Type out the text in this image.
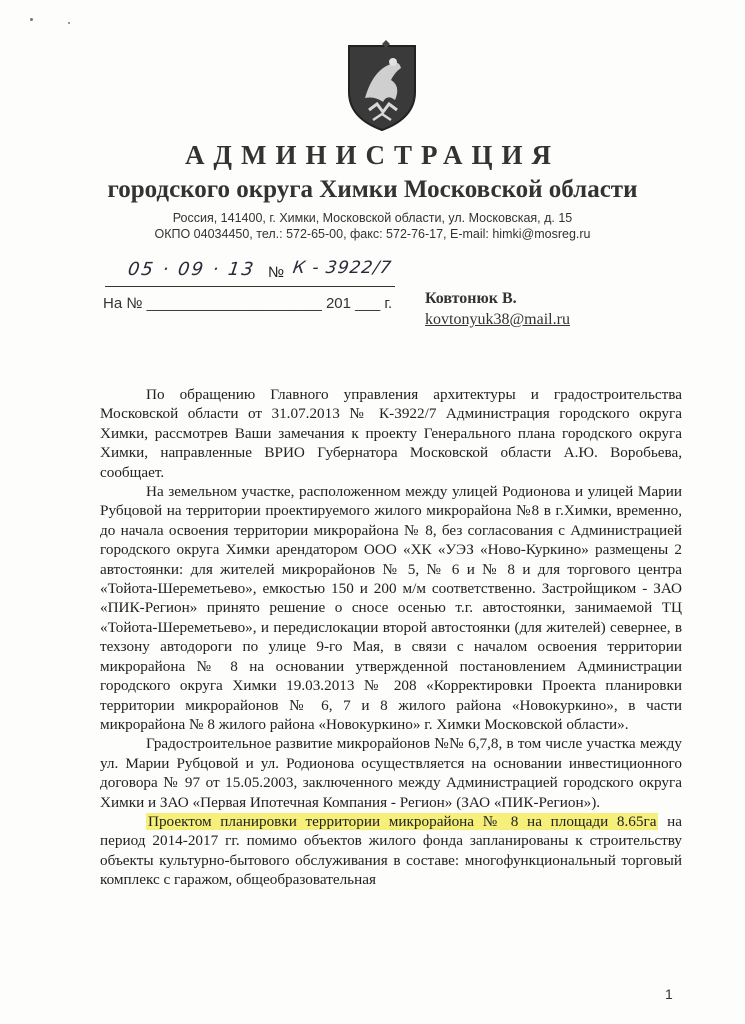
АДМИНИСТРАЦИЯ
городского округа Химки Московской области
Россия, 141400, г. Химки, Московской области, ул. Московская, д. 15
ОКПО 04034450, тел.: 572-65-00, факс: 572-76-17, E-mail: himki@mosreg.ru
05 · 09 · 13 № К - 3922/7
На № _____________________ 201 ___ г. Ковтонюк В.
kovtonyuk38@mail.ru

По обращению Главного управления архитектуры и градостроительства Московской области от 31.07.2013 № К-3922/7 Администрация городского округа Химки, рассмотрев Ваши замечания к проекту Генерального плана городского округа Химки, направленные ВРИО Губернатора Московской области А.Ю. Воробьева, сообщает.

На земельном участке, расположенном между улицей Родионова и улицей Марии Рубцовой на территории проектируемого жилого микрорайона №8 в г.Химки, временно, до начала освоения территории микрорайона № 8, без согласования с Администрацией городского округа Химки арендатором ООО «ХК «УЭЗ «Ново-Куркино» размещены 2 автостоянки: для жителей микрорайонов № 5, № 6 и № 8 и для торгового центра «Тойота-Шереметьево», емкостью 150 и 200 м/м соответственно. Застройщиком - ЗАО «ПИК-Регион» принято решение о сносе осенью т.г. автостоянки, занимаемой ТЦ «Тойота-Шереметьево», и передислокации второй автостоянки (для жителей) севернее, в техзону автодороги по улице 9-го Мая, в связи с началом освоения территории микрорайона № 8 на основании утвержденной постановлением Администрации городского округа Химки 19.03.2013 № 208 «Корректировки Проекта планировки территории микрорайонов № 6, 7 и 8 жилого района «Новокуркино», в части микрорайона № 8 жилого района «Новокуркино» г. Химки Московской области».

Градостроительное развитие микрорайонов №№ 6,7,8, в том числе участка между ул. Марии Рубцовой и ул. Родионова осуществляется на основании инвестиционного договора № 97 от 15.05.2003, заключенного между Администрацией городского округа Химки и ЗАО «Первая Ипотечная Компания - Регион» (ЗАО «ПИК-Регион»).

Проектом планировки территории микрорайона № 8 на площади 8.65га на период 2014-2017 гг. помимо объектов жилого фонда запланированы к строительству объекты культурно-бытового обслуживания в составе: многофункциональный торговый комплекс с гаражом, общеобразовательная

1
